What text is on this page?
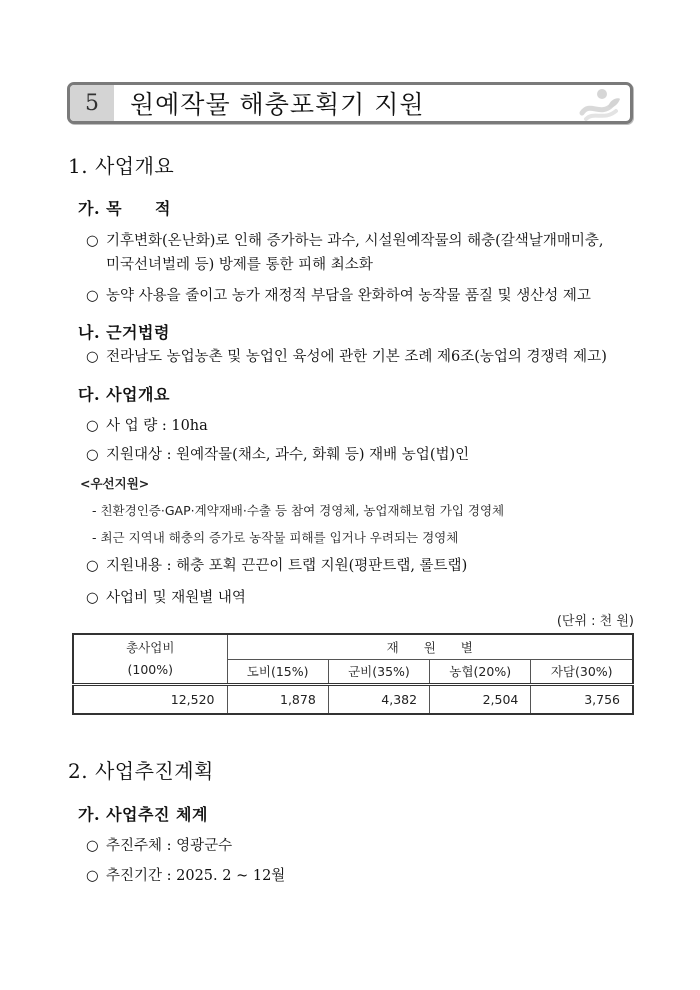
5	원예작물 해충포획기 지원
1. 사업개요
가. 목　　적
○ 기후변화(온난화)로 인해 증가하는 과수, 시설원예작물의 해충(갈색날개매미충,
미국선녀벌레 등) 방제를 통한 피해 최소화
○ 농약 사용을 줄이고 농가 재정적 부담을 완화하여 농작물 품질 및 생산성 제고
나. 근거법령
○ 전라남도 농업농촌 및 농업인 육성에 관한 기본 조례 제6조(농업의 경쟁력 제고)
다. 사업개요
○ 사 업 량 : 10ha
○ 지원대상 : 원예작물(채소, 과수, 화훼 등) 재배 농업(법)인
<우선지원>
- 친환경인증·GAP·계약재배·수출 등 참여 경영체, 농업재해보험 가입 경영체
- 최근 지역내 해충의 증가로 농작물 피해를 입거나 우려되는 경영체
○ 지원내용 : 해충 포획 끈끈이 트랩 지원(평판트랩, 롤트랩)
○ 사업비 및 재원별 내역
(단위 : 천 원)
총사업비
(100%)	재　　원　　별			
	도비(15%)	군비(35%)	농협(20%)	자담(30%)
12,520	1,878	4,382	2,504	3,756
2. 사업추진계획
가. 사업추진 체계
○ 추진주체 : 영광군수
○ 추진기간 : 2025. 2 ~ 12월
